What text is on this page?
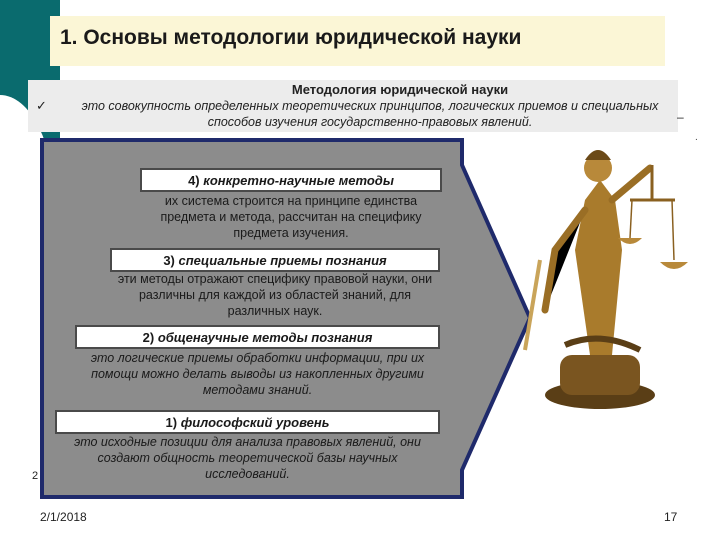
1. Основы методологии юридической науки
✓
Методология юридической науки
это совокупность определенных теоретических принципов, логических приемов и специальных способов изучения государственно-правовых явлений.	–
.
4) конкретно-научные методы
их система строится на принципе единства предмета и метода, рассчитан на специфику предмета изучения.
3) специальные приемы познания
эти методы отражают специфику правовой науки, они различны для каждой из областей знаний, для различных наук.
2) общенаучные методы познания
это логические приемы обработки информации, при их помощи можно делать выводы из накопленных другими методами знаний.
1) философский уровень
это исходные позиции для анализа правовых явлений, они создают общность теоретической базы научных исследований.
2
2/1/2018	17
